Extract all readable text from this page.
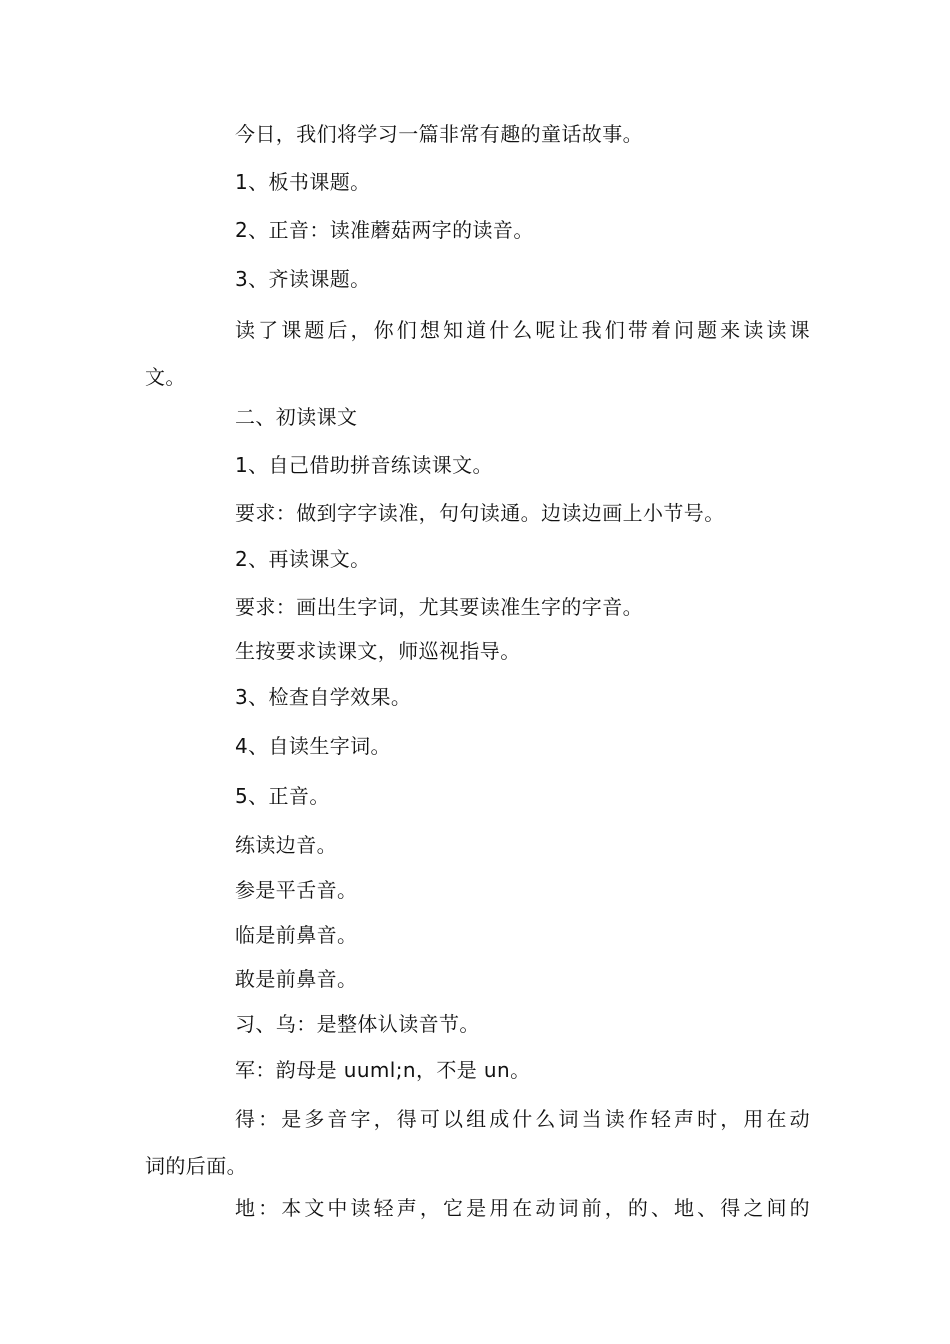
今日，我们将学习一篇非常有趣的童话故事。
1、板书课题。
2、正音：读准蘑菇两字的读音。
3、齐读课题。
读了课题后，你们想知道什么呢让我们带着问题来读读课
文。
二、初读课文
1、自己借助拼音练读课文。
要求：做到字字读准，句句读通。边读边画上小节号。
2、再读课文。
要求：画出生字词，尤其要读准生字的字音。
生按要求读课文，师巡视指导。
3、检查自学效果。
4、自读生字词。
5、正音。
练读边音。
参是平舌音。
临是前鼻音。
敢是前鼻音。
习、乌：是整体认读音节。
军：韵母是 uuml;n，不是 un。
得：是多音字，得可以组成什么词当读作轻声时，用在动
词的后面。
地：本文中读轻声，它是用在动词前，的、地、得之间的
